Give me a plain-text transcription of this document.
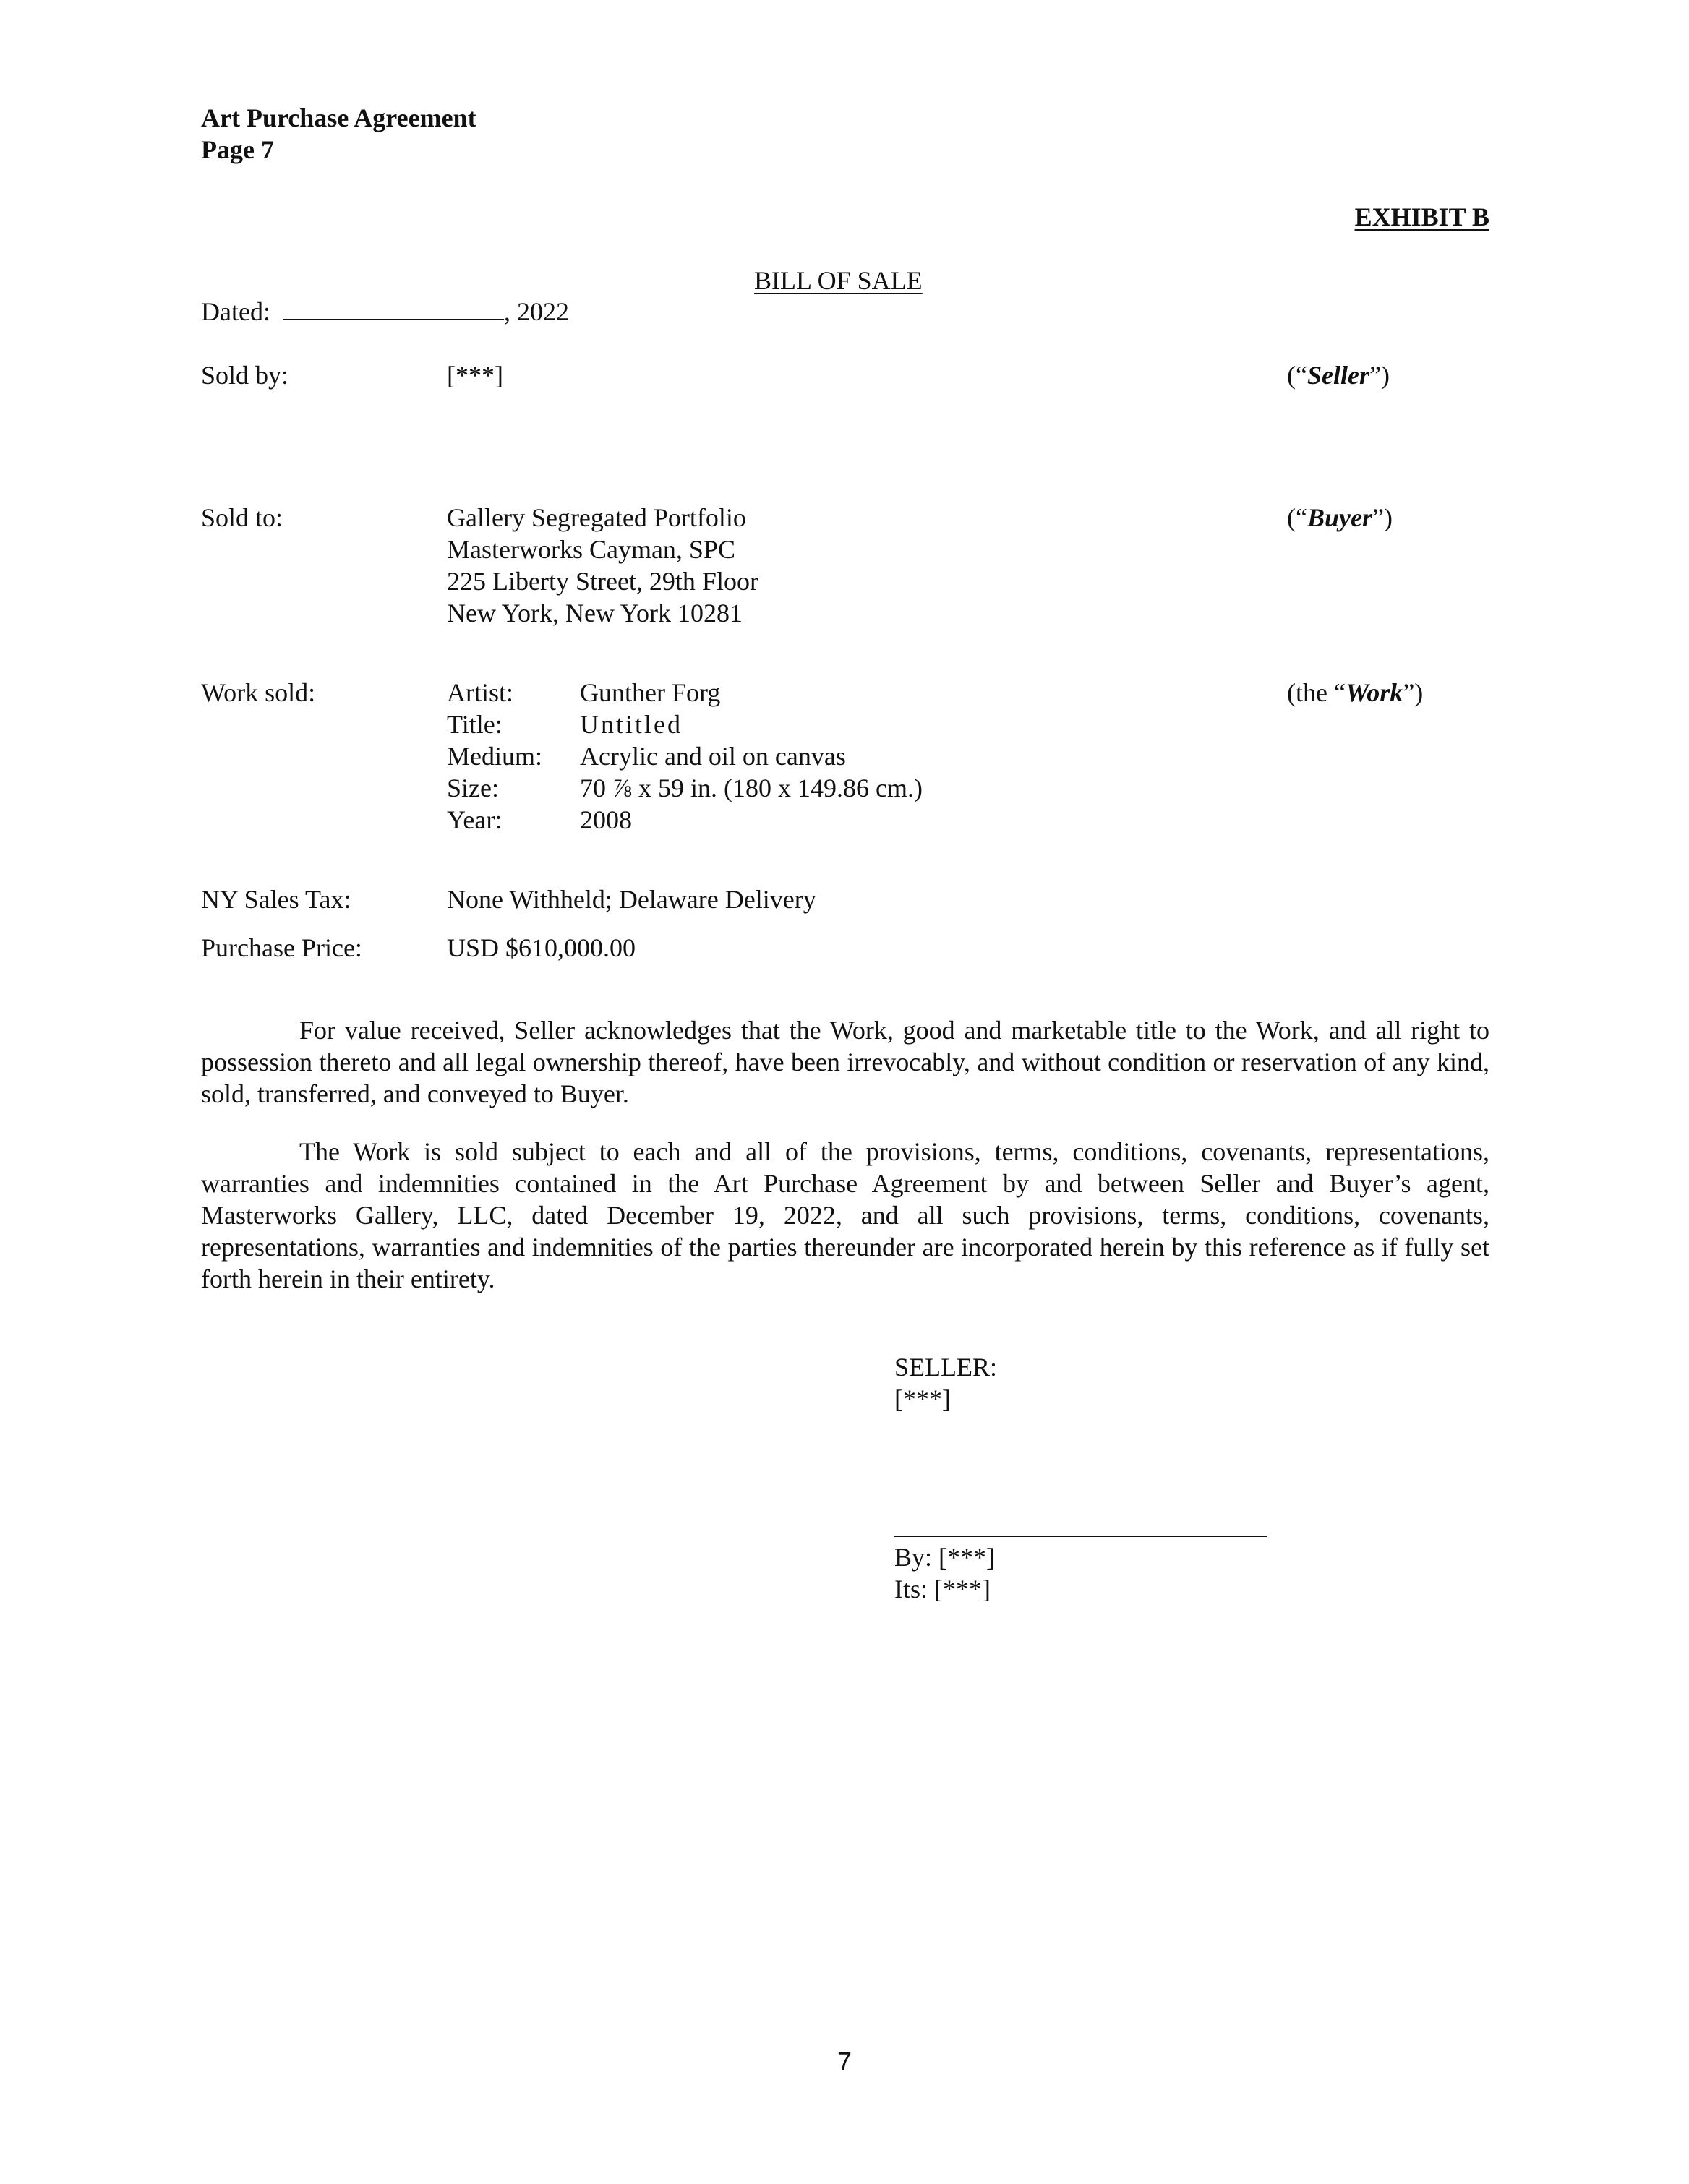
Art Purchase Agreement
Page 7
EXHIBIT B
BILL OF SALE
Dated:	, 2022
Sold by:	[***]	(“Seller”)
Sold to:	Gallery Segregated Portfolio
Masterworks Cayman, SPC
225 Liberty Street, 29th Floor
New York, New York 10281
(“Buyer”)
Work sold:	Artist:	Gunther Forg
Title:	Untitled
Medium: Acrylic and oil on canvas
Size:	70 ⅞ x 59 in. (180 x 149.86 cm.)
Year:	2008
(the “Work”)
NY Sales Tax:	None Withheld; Delaware Delivery
Purchase Price:	USD $610,000.00

For value received, Seller acknowledges that the Work, good and marketable title to the Work, and all right to possession thereto and all legal ownership thereof, have been irrevocably, and without condition or reservation of any kind, sold, transferred, and conveyed to Buyer.

The Work is sold subject to each and all of the provisions, terms, conditions, covenants, representations, warranties and indemnities contained in the Art Purchase Agreement by and between Seller and Buyer’s agent, Masterworks Gallery, LLC, dated December 19, 2022, and all such provisions, terms, conditions, covenants, representations, warranties and indemnities of the parties thereunder are incorporated herein by this reference as if fully set forth herein in their entirety.

SELLER:
[***]
By: [***]
Its: [***]
7
